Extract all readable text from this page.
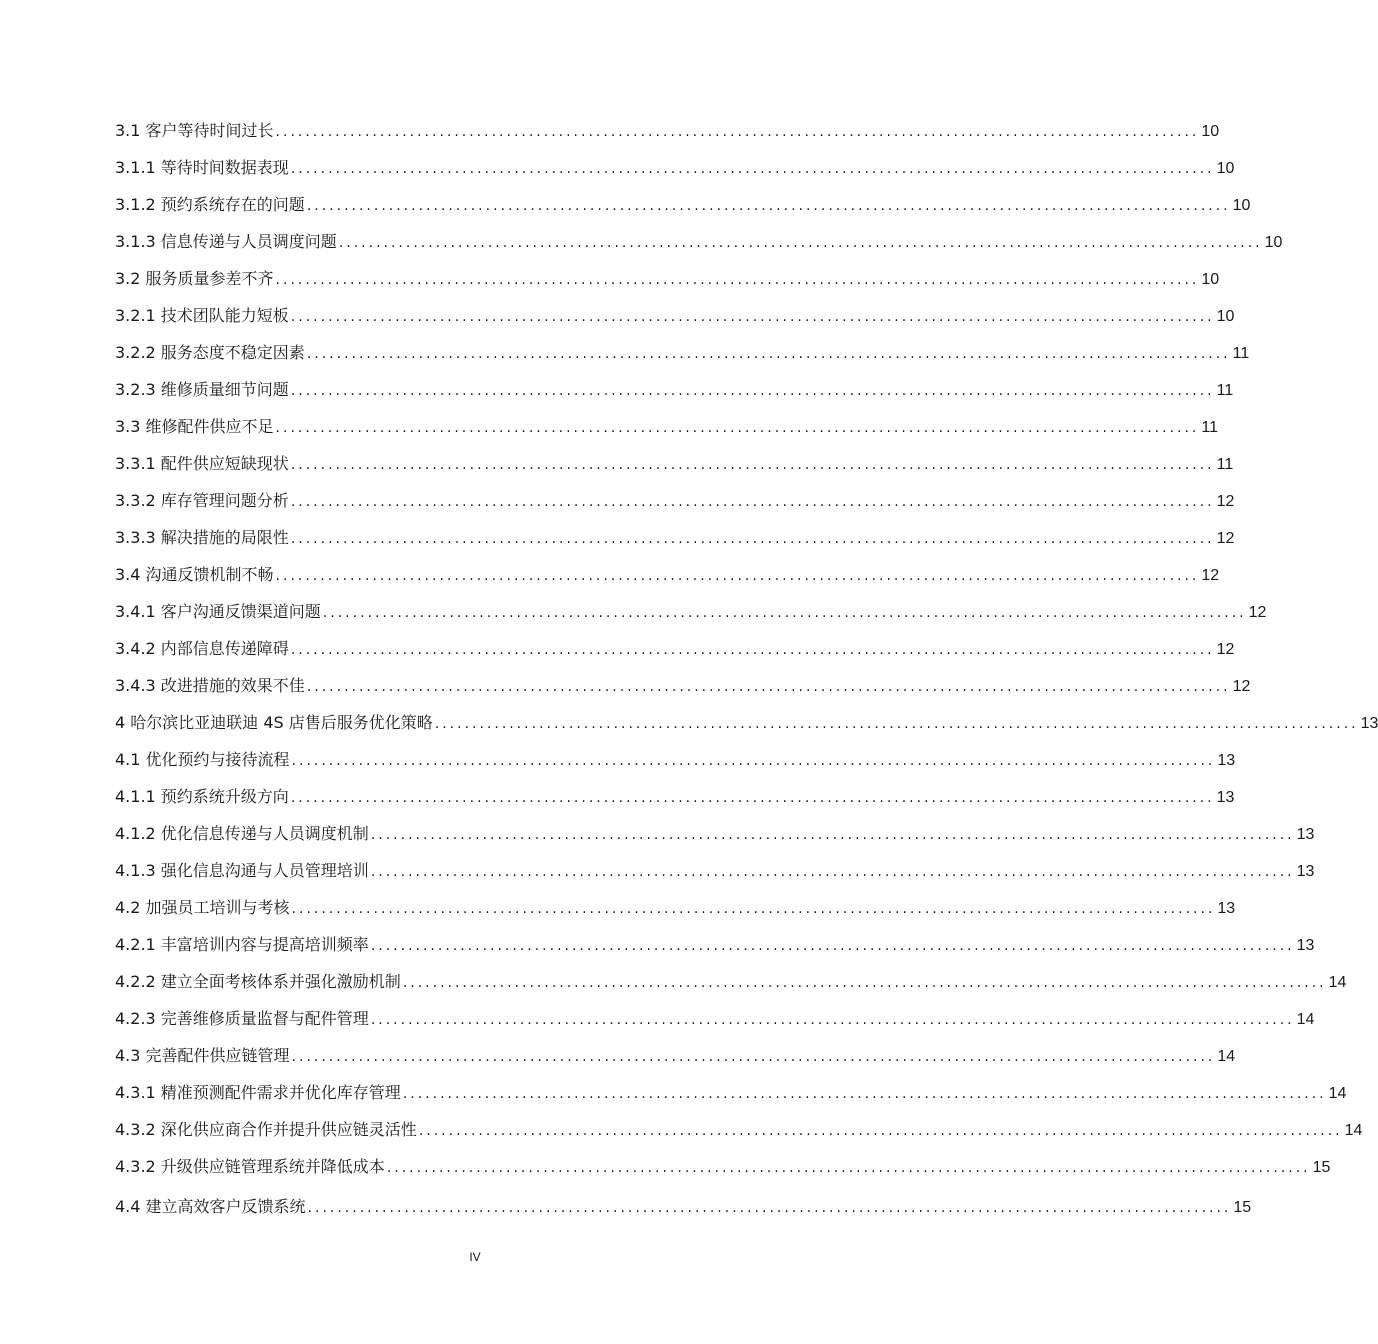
3.1 客户等待时间过长 ............................................................................................................................ 10
3.1.1 等待时间数据表现 ............................................................................................................................ 10
3.1.2 预约系统存在的问题 ............................................................................................................................ 10
3.1.3 信息传递与人员调度问题 ............................................................................................................................ 10
3.2 服务质量参差不齐 ............................................................................................................................ 10
3.2.1 技术团队能力短板 ............................................................................................................................ 10
3.2.2 服务态度不稳定因素 ............................................................................................................................ 11
3.2.3 维修质量细节问题 ............................................................................................................................ 11
3.3 维修配件供应不足 ............................................................................................................................ 11
3.3.1 配件供应短缺现状 ............................................................................................................................ 11
3.3.2 库存管理问题分析 ............................................................................................................................ 12
3.3.3 解决措施的局限性 ............................................................................................................................ 12
3.4 沟通反馈机制不畅 ............................................................................................................................ 12
3.4.1 客户沟通反馈渠道问题 ............................................................................................................................ 12
3.4.2 内部信息传递障碍 ............................................................................................................................ 12
3.4.3 改进措施的效果不佳 ............................................................................................................................ 12
4 哈尔滨比亚迪联迪 4S 店售后服务优化策略 ............................................................................................................................ 13
4.1 优化预约与接待流程 ............................................................................................................................ 13
4.1.1 预约系统升级方向 ............................................................................................................................ 13
4.1.2 优化信息传递与人员调度机制 ............................................................................................................................ 13
4.1.3 强化信息沟通与人员管理培训 ............................................................................................................................ 13
4.2 加强员工培训与考核 ............................................................................................................................ 13
4.2.1 丰富培训内容与提高培训频率 ............................................................................................................................ 13
4.2.2 建立全面考核体系并强化激励机制 ............................................................................................................................ 14
4.2.3 完善维修质量监督与配件管理 ............................................................................................................................ 14
4.3 完善配件供应链管理 ............................................................................................................................ 14
4.3.1 精准预测配件需求并优化库存管理 ............................................................................................................................ 14
4.3.2 深化供应商合作并提升供应链灵活性 ............................................................................................................................ 14
4.3.2 升级供应链管理系统并降低成本 ............................................................................................................................ 15
4.4 建立高效客户反馈系统 ............................................................................................................................ 15
IV
